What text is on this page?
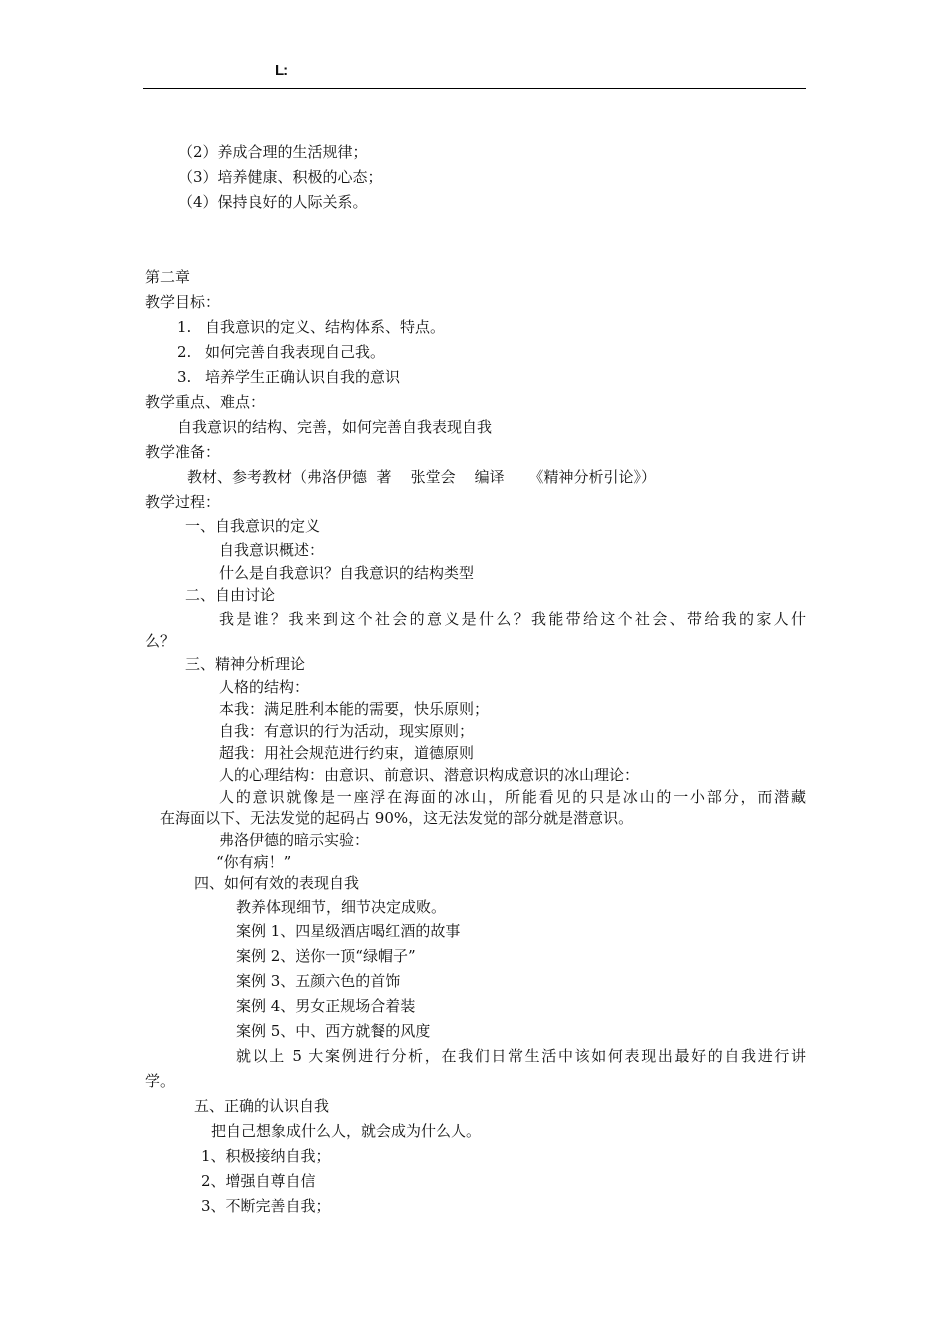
L:
（2）养成合理的生活规律；
（3）培养健康、积极的心态；
（4）保持良好的人际关系。
第二章
教学目标：
1. 自我意识的定义、结构体系、特点。
2. 如何完善自我表现自己我。
3. 培养学生正确认识自我的意识
教学重点、难点：
自我意识的结构、完善，如何完善自我表现自我
教学准备：
教材、参考教材（弗洛伊德  著    张堂会    编译     《精神分析引论》）
教学过程：
一、自我意识的定义
自我意识概述：
什么是自我意识？自我意识的结构类型
二、自由讨论
我是谁？我来到这个社会的意义是什么？我能带给这个社会、带给我的家人什
么？
三、精神分析理论
人格的结构：
本我：满足胜利本能的需要，快乐原则；
自我：有意识的行为活动，现实原则；
超我：用社会规范进行约束，道德原则
人的心理结构：由意识、前意识、潜意识构成意识的冰山理论：
人的意识就像是一座浮在海面的冰山，所能看见的只是冰山的一小部分，而潜藏
在海面以下、无法发觉的起码占 90%，这无法发觉的部分就是潜意识。
弗洛伊德的暗示实验：
“你有病！”
四、如何有效的表现自我
教养体现细节，细节决定成败。
案例 1、四星级酒店喝红酒的故事
案例 2、送你一顶“绿帽子”
案例 3、五颜六色的首饰
案例 4、男女正规场合着装
案例 5、中、西方就餐的风度
就以上 5 大案例进行分析，在我们日常生活中该如何表现出最好的自我进行讲
学。
五、正确的认识自我
把自己想象成什么人，就会成为什么人。
1、积极接纳自我；
2、增强自尊自信
3、不断完善自我；
